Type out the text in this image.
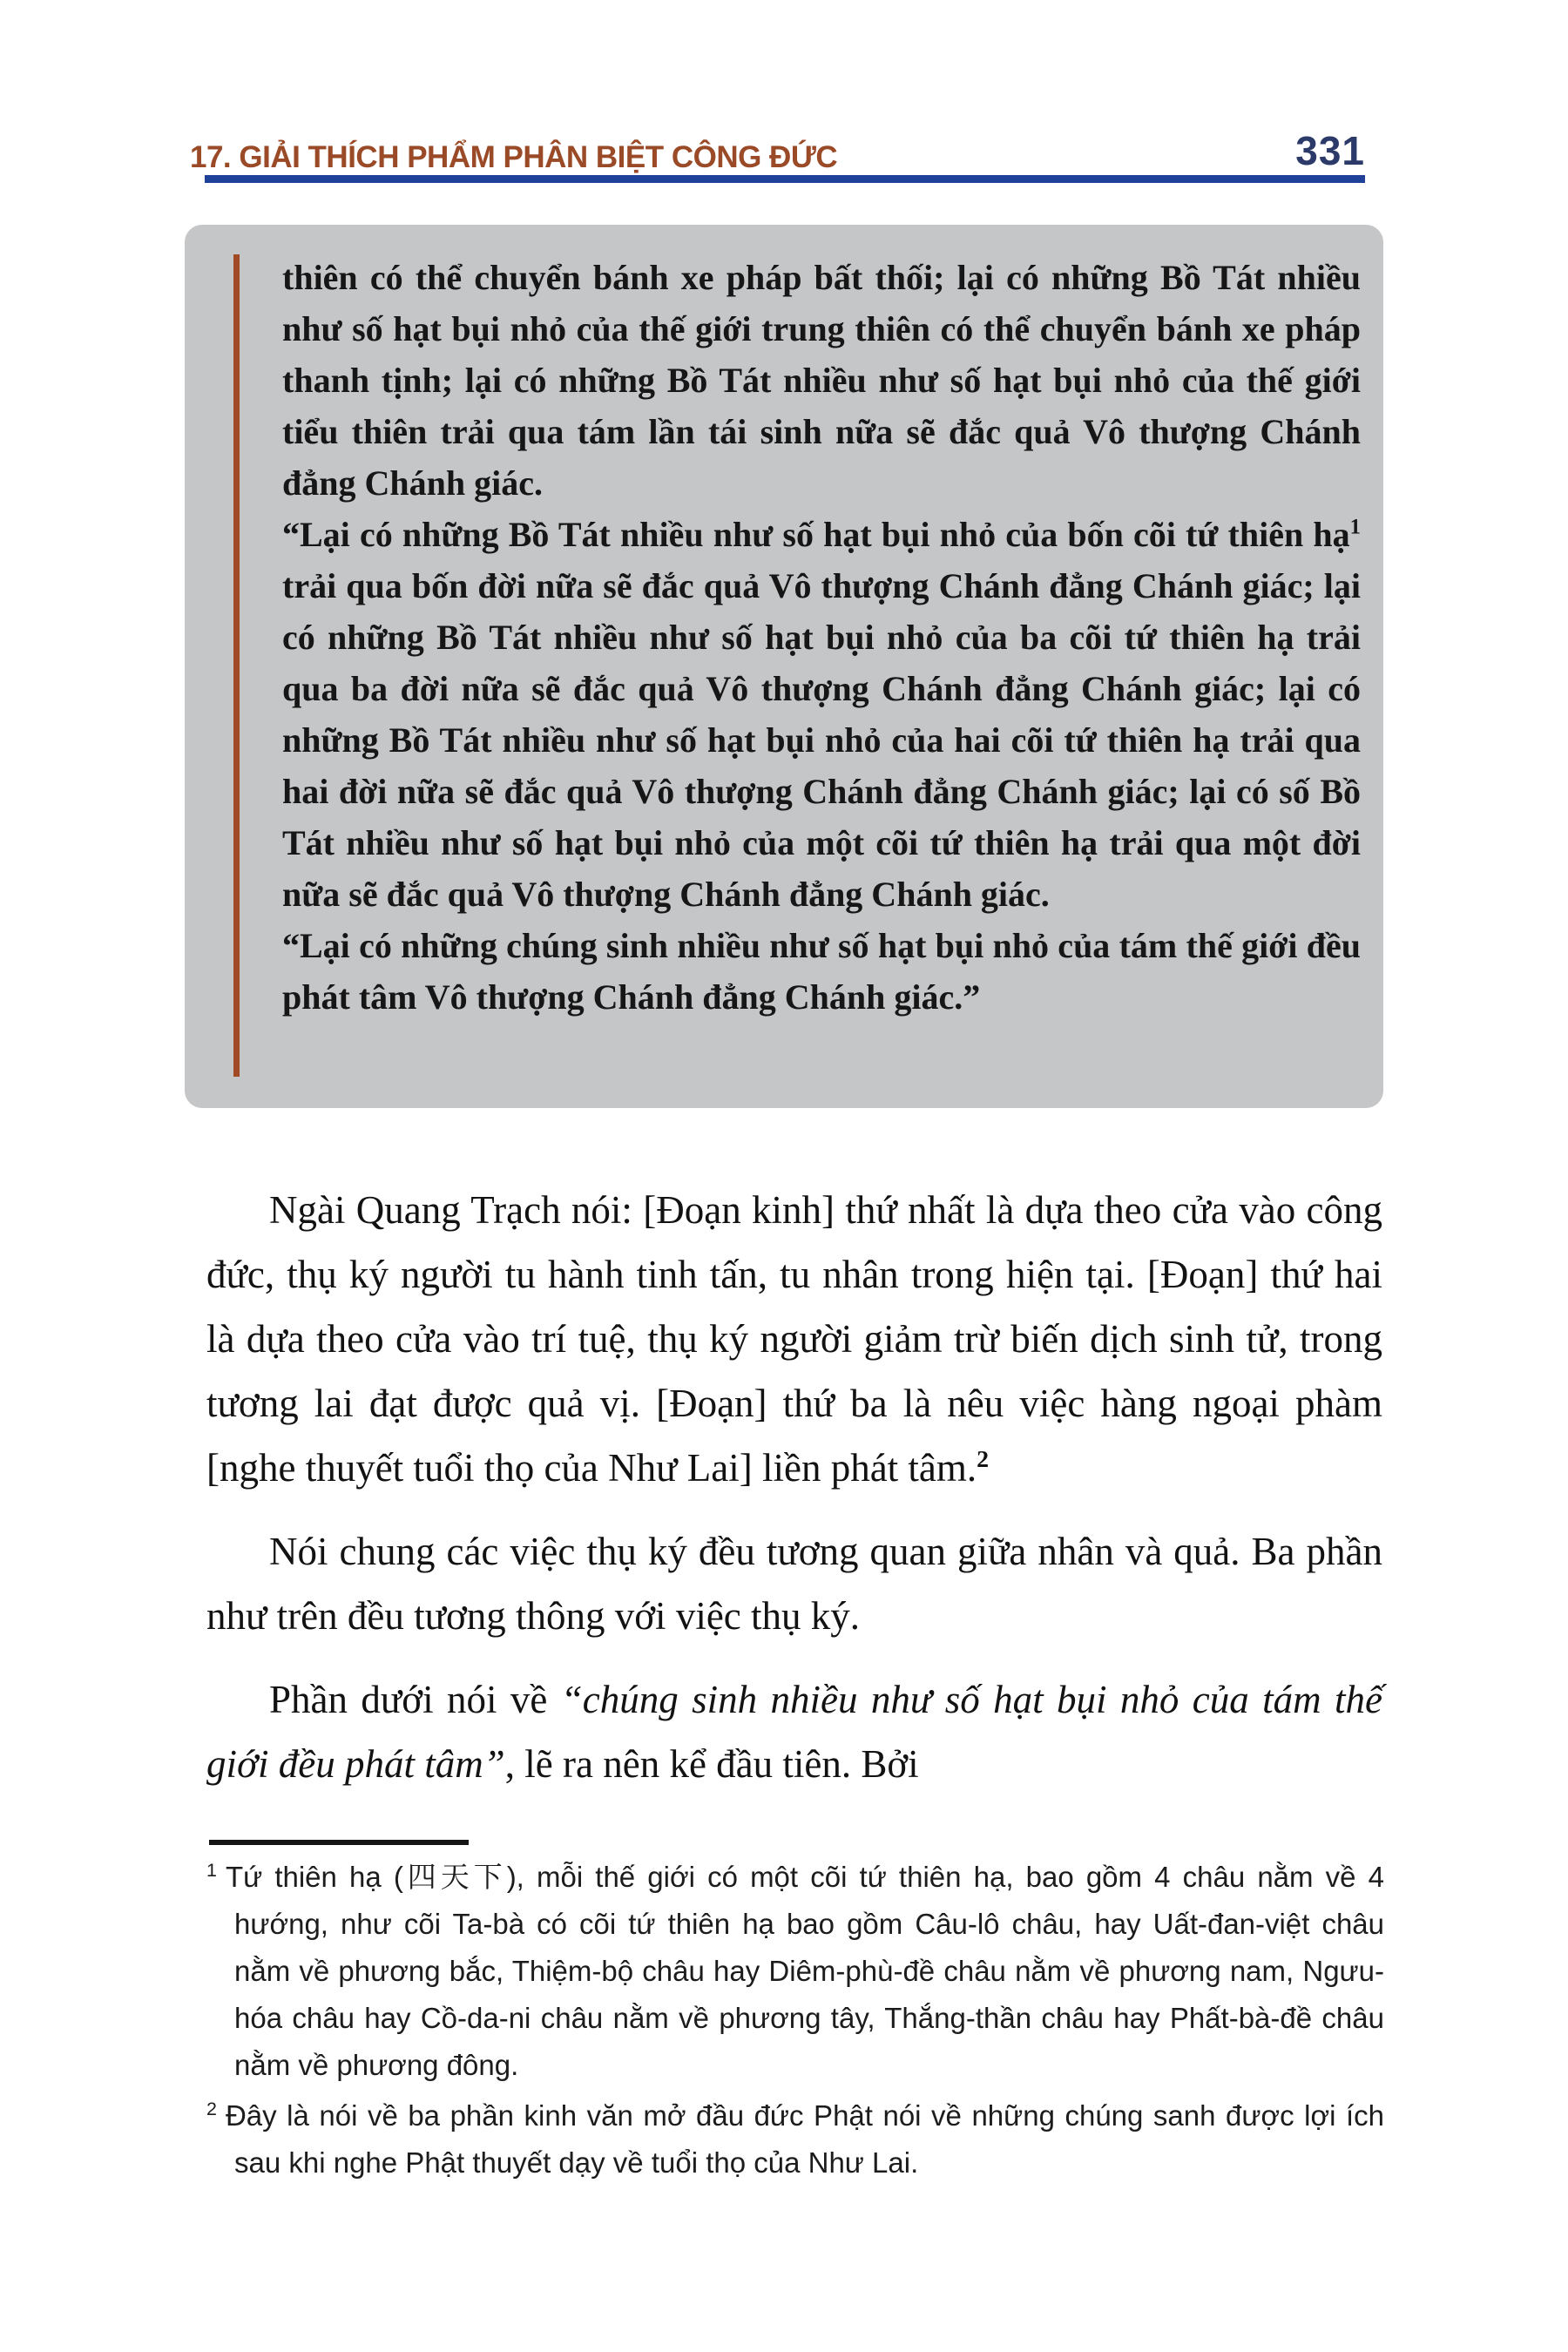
17. GIẢI THÍCH PHẨM PHÂN BIỆT CÔNG ĐỨC	331

thiên có thể chuyển bánh xe pháp bất thối; lại có những Bồ Tát nhiều như số hạt bụi nhỏ của thế giới trung thiên có thể chuyển bánh xe pháp thanh tịnh; lại có những Bồ Tát nhiều như số hạt bụi nhỏ của thế giới tiểu thiên trải qua tám lần tái sinh nữa sẽ đắc quả Vô thượng Chánh đẳng Chánh giác.

“Lại có những Bồ Tát nhiều như số hạt bụi nhỏ của bốn cõi tứ thiên hạ$^1$ trải qua bốn đời nữa sẽ đắc quả Vô thượng Chánh đẳng Chánh giác; lại có những Bồ Tát nhiều như số hạt bụi nhỏ của ba cõi tứ thiên hạ trải qua ba đời nữa sẽ đắc quả Vô thượng Chánh đẳng Chánh giác; lại có những Bồ Tát nhiều như số hạt bụi nhỏ của hai cõi tứ thiên hạ trải qua hai đời nữa sẽ đắc quả Vô thượng Chánh đẳng Chánh giác; lại có số Bồ Tát nhiều như số hạt bụi nhỏ của một cõi tứ thiên hạ trải qua một đời nữa sẽ đắc quả Vô thượng Chánh đẳng Chánh giác.

“Lại có những chúng sinh nhiều như số hạt bụi nhỏ của tám thế giới đều phát tâm Vô thượng Chánh đẳng Chánh giác.”

Ngài Quang Trạch nói: [Đoạn kinh] thứ nhất là dựa theo cửa vào công đức, thụ ký người tu hành tinh tấn, tu nhân trong hiện tại. [Đoạn] thứ hai là dựa theo cửa vào trí tuệ, thụ ký người giảm trừ biến dịch sinh tử, trong tương lai đạt được quả vị. [Đoạn] thứ ba là nêu việc hàng ngoại phàm [nghe thuyết tuổi thọ của Như Lai] liền phát tâm.$^2$

Nói chung các việc thụ ký đều tương quan giữa nhân và quả. Ba phần như trên đều tương thông với việc thụ ký.

Phần dưới nói về “chúng sinh nhiều như số hạt bụi nhỏ của tám thế giới đều phát tâm”, lẽ ra nên kể đầu tiên. Bởi

$^1$ Tứ thiên hạ (四天下), mỗi thế giới có một cõi tứ thiên hạ, bao gồm 4 châu nằm về 4 hướng, như cõi Ta-bà có cõi tứ thiên hạ bao gồm Câu-lô châu, hay Uất-đan-việt châu nằm về phương bắc, Thiệm-bộ châu hay Diêm-phù-đề châu nằm về phương nam, Ngưu-hóa châu hay Cồ-da-ni châu nằm về phương tây, Thắng-thần châu hay Phất-bà-đề châu nằm về phương đông.

$^2$ Đây là nói về ba phần kinh văn mở đầu đức Phật nói về những chúng sanh được lợi ích sau khi nghe Phật thuyết dạy về tuổi thọ của Như Lai.
